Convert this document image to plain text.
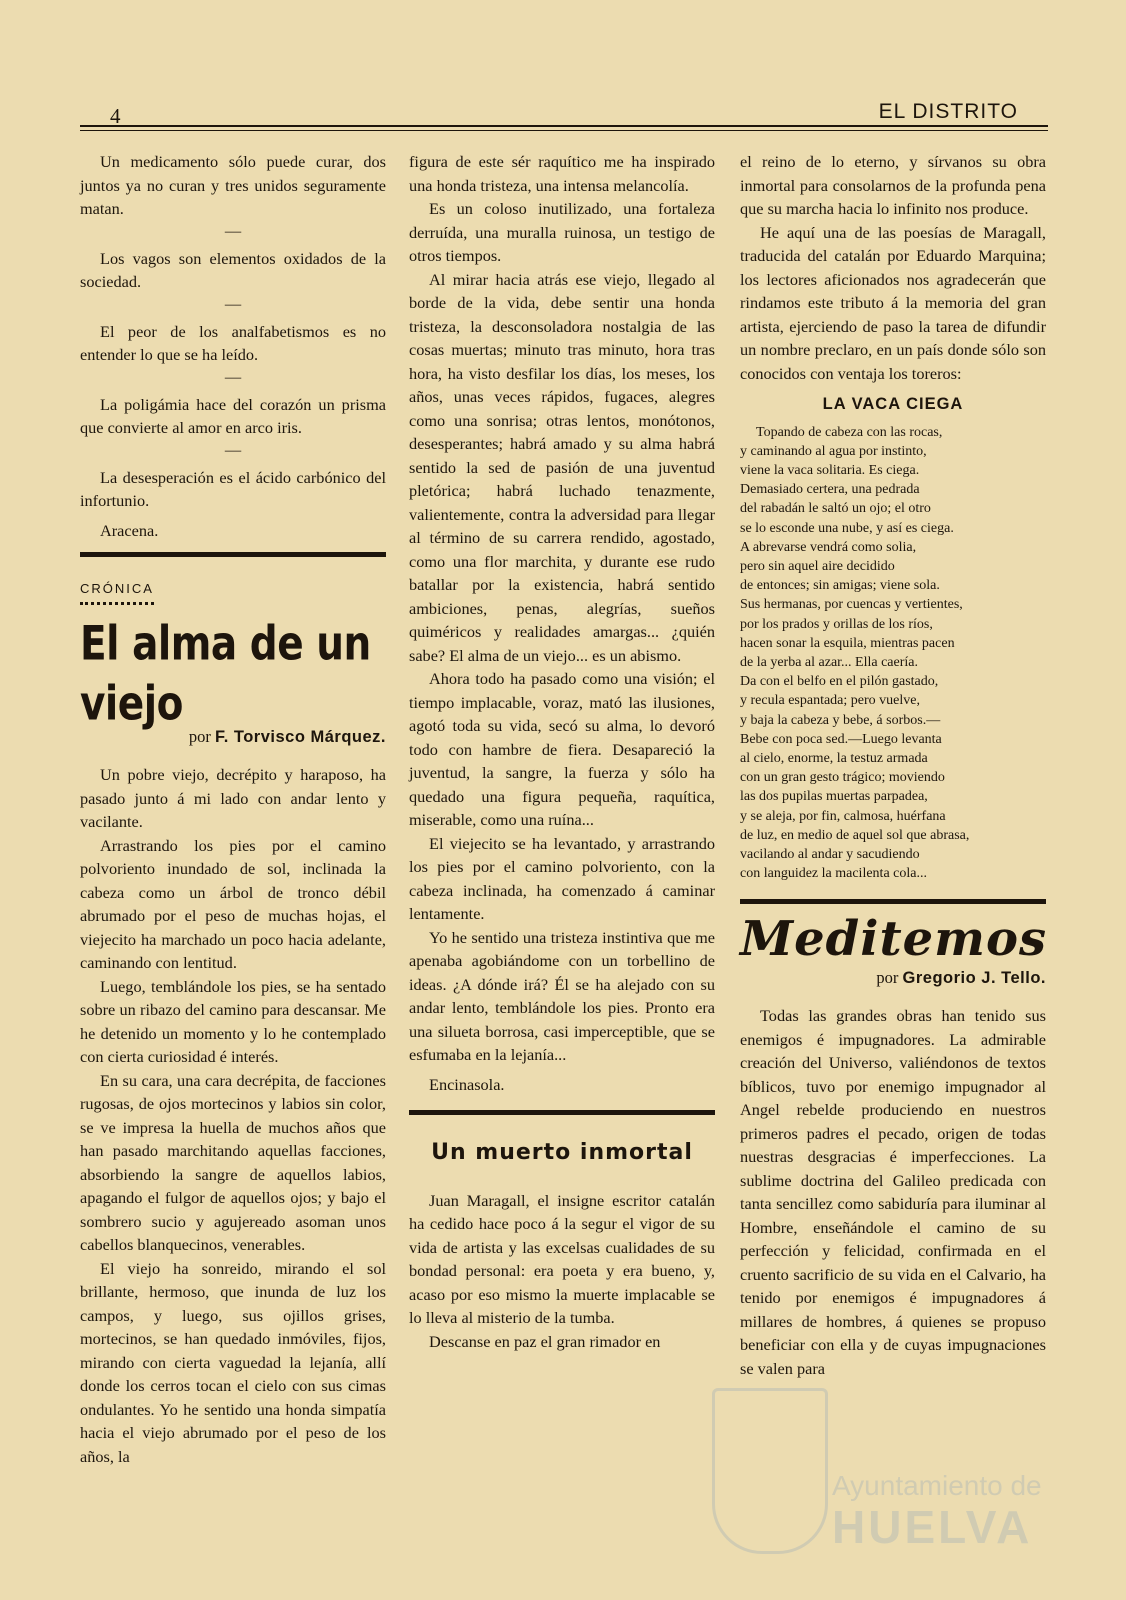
4	EL DISTRITO

Un medicamento sólo puede curar, dos juntos ya no curan y tres unidos seguramente matan.

—

Los vagos son elementos oxidados de la sociedad.

—

El peor de los analfabetismos es no entender lo que se ha leído.

—

La poligámia hace del corazón un prisma que convierte al amor en arco iris.

—

La desesperación es el ácido carbónico del infortunio.

Aracena.

CRÓNICA
El alma de un viejo
por F. Torvisco Márquez.

Un pobre viejo, decrépito y haraposo, ha pasado junto á mi lado con andar lento y vacilante.

Arrastrando los pies por el camino polvoriento inundado de sol, inclinada la cabeza como un árbol de tronco débil abrumado por el peso de muchas hojas, el viejecito ha marchado un poco hacia adelante, caminando con lentitud.

Luego, temblándole los pies, se ha sentado sobre un ribazo del camino para descansar. Me he detenido un momento y lo he contemplado con cierta curiosidad é interés.

En su cara, una cara decrépita, de facciones rugosas, de ojos mortecinos y labios sin color, se ve impresa la huella de muchos años que han pasado marchitando aquellas facciones, absorbiendo la sangre de aquellos labios, apagando el fulgor de aquellos ojos; y bajo el sombrero sucio y agujereado asoman unos cabellos blanquecinos, venerables.

El viejo ha sonreido, mirando el sol brillante, hermoso, que inunda de luz los campos, y luego, sus ojillos grises, mortecinos, se han quedado inmóviles, fijos, mirando con cierta vaguedad la lejanía, allí donde los cerros tocan el cielo con sus cimas ondulantes. Yo he sentido una honda simpatía hacia el viejo abrumado por el peso de los años, la

figura de este sér raquítico me ha inspirado una honda tristeza, una intensa melancolía.

Es un coloso inutilizado, una fortaleza derruída, una muralla ruinosa, un testigo de otros tiempos.

Al mirar hacia atrás ese viejo, llegado al borde de la vida, debe sentir una honda tristeza, la desconsoladora nostalgia de las cosas muertas; minuto tras minuto, hora tras hora, ha visto desfilar los días, los meses, los años, unas veces rápidos, fugaces, alegres como una sonrisa; otras lentos, monótonos, desesperantes; habrá amado y su alma habrá sentido la sed de pasión de una juventud pletórica; habrá luchado tenazmente, valientemente, contra la adversidad para llegar al término de su carrera rendido, agostado, como una flor marchita, y durante ese rudo batallar por la existencia, habrá sentido ambiciones, penas, alegrías, sueños quiméricos y realidades amargas... ¿quién sabe? El alma de un viejo... es un abismo.

Ahora todo ha pasado como una visión; el tiempo implacable, voraz, mató las ilusiones, agotó toda su vida, secó su alma, lo devoró todo con hambre de fiera. Desapareció la juventud, la sangre, la fuerza y sólo ha quedado una figura pequeña, raquítica, miserable, como una ruína...

El viejecito se ha levantado, y arrastrando los pies por el camino polvoriento, con la cabeza inclinada, ha comenzado á caminar lentamente.

Yo he sentido una tristeza instintiva que me apenaba agobiándome con un torbellino de ideas. ¿A dónde irá? Él se ha alejado con su andar lento, temblándole los pies. Pronto era una silueta borrosa, casi imperceptible, que se esfumaba en la lejanía...

Encinasola.

Un muerto inmortal

Juan Maragall, el insigne escritor catalán ha cedido hace poco á la segur el vigor de su vida de artista y las excelsas cualidades de su bondad personal: era poeta y era bueno, y, acaso por eso mismo la muerte implacable se lo lleva al misterio de la tumba.

Descanse en paz el gran rimador en

el reino de lo eterno, y sírvanos su obra inmortal para consolarnos de la profunda pena que su marcha hacia lo infinito nos produce.

He aquí una de las poesías de Maragall, traducida del catalán por Eduardo Marquina; los lectores aficionados nos agradecerán que rindamos este tributo á la memoria del gran artista, ejerciendo de paso la tarea de difundir un nombre preclaro, en un país donde sólo son conocidos con ventaja los toreros:

LA VACA CIEGA
Topando de cabeza con las rocas,
y caminando al agua por instinto,
viene la vaca solitaria. Es ciega.
Demasiado certera, una pedrada
del rabadán le saltó un ojo; el otro
se lo esconde una nube, y así es ciega.
A abrevarse vendrá como solia,
pero sin aquel aire decidido
de entonces; sin amigas; viene sola.
Sus hermanas, por cuencas y vertientes,
por los prados y orillas de los ríos,
hacen sonar la esquila, mientras pacen
de la yerba al azar... Ella caería.
Da con el belfo en el pilón gastado,
y recula espantada; pero vuelve,
y baja la cabeza y bebe, á sorbos.—
Bebe con poca sed.—Luego levanta
al cielo, enorme, la testuz armada
con un gran gesto trágico; moviendo
las dos pupilas muertas parpadea,
y se aleja, por fin, calmosa, huérfana
de luz, en medio de aquel sol que abrasa,
vacilando al andar y sacudiendo
con languidez la macilenta cola...
Meditemos
por Gregorio J. Tello.

Todas las grandes obras han tenido sus enemigos é impugnadores. La admirable creación del Universo, valiéndonos de textos bíblicos, tuvo por enemigo impugnador al Angel rebelde produciendo en nuestros primeros padres el pecado, origen de todas nuestras desgracias é imperfecciones. La sublime doctrina del Galileo predicada con tanta sencillez como sabiduría para iluminar al Hombre, enseñándole el camino de su perfección y felicidad, confirmada en el cruento sacrificio de su vida en el Calvario, ha tenido por enemigos é impugnadores á millares de hombres, á quienes se propuso beneficiar con ella y de cuyas impugnaciones se valen para

Ayuntamiento de
HUELVA
